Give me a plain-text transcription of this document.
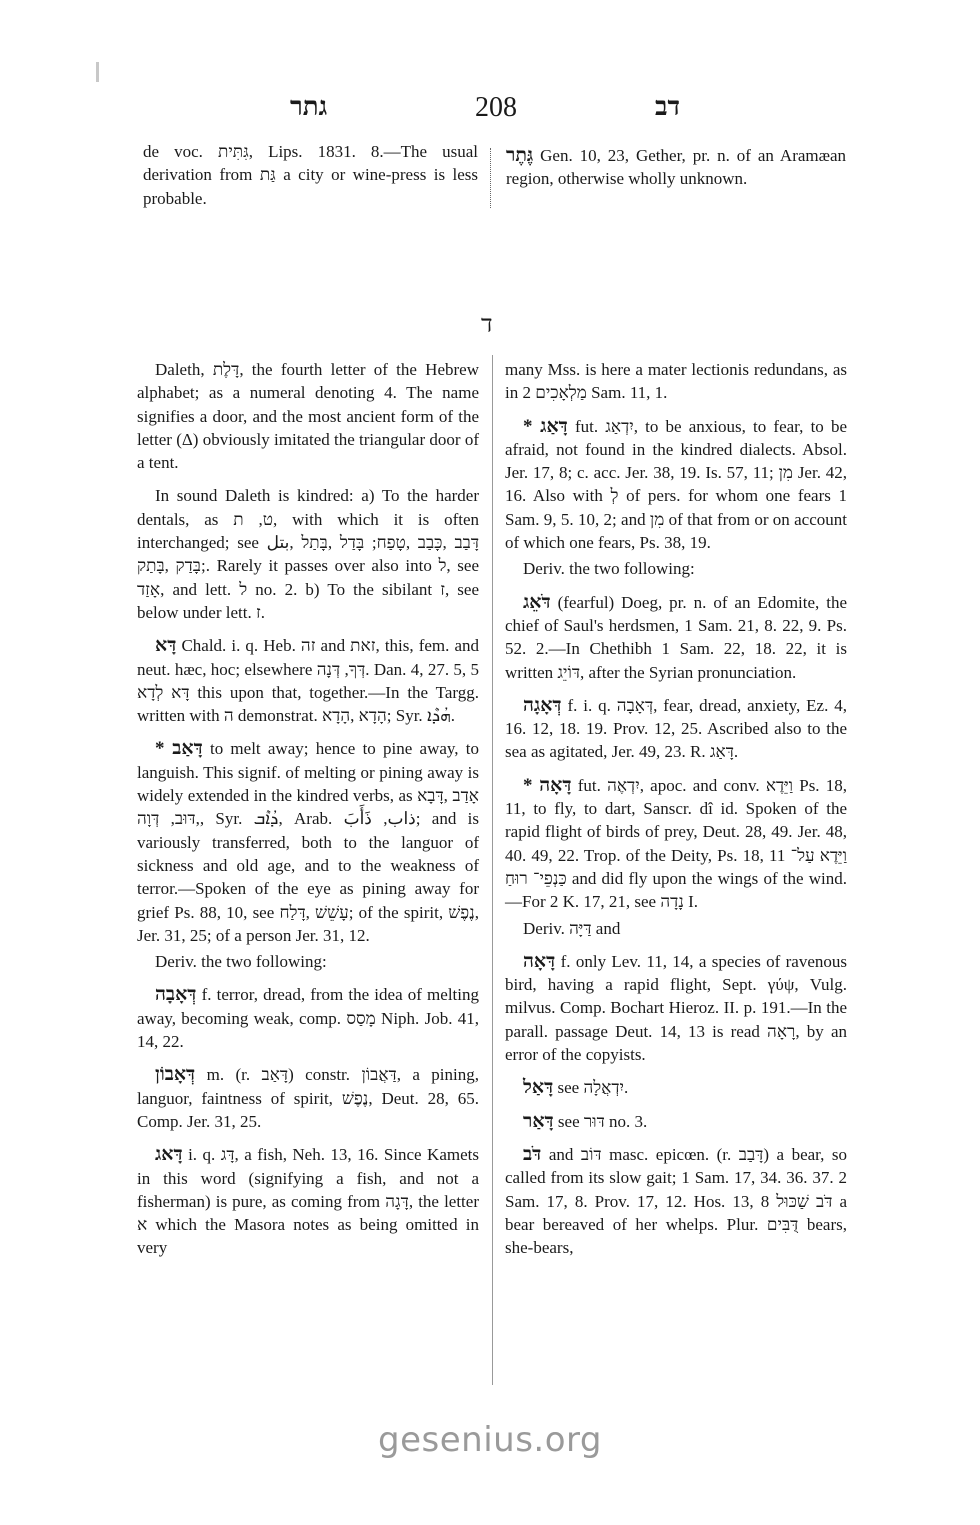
גתר	208	דב
de voc. גִּתִּית, Lips. 1831. 8.—The usual derivation from גַּת a city or wine-press is less probable.
גֶּתֶר Gen. 10, 23, Gether, pr. n. of an Aramæan region, otherwise wholly unknown.
ד

Daleth, דָּלֶת, the fourth letter of the Hebrew alphabet; as a numeral denoting 4. The name signifies a door, and the most ancient form of the letter (Δ) obviously imitated the triangular door of a tent.

In sound Daleth is kindred: a) To the harder dentals, as ט, ת, with which it is often interchanged; see דָּבַב ,כָּבַב ,טָפַח; בָּדַל ,בָּתַל ,بتل ;בָּדַק ,בָּתַק. Rarely it passes over also into ל, see אָזַד, and lett. ל no. 2. b) To the sibilant ז, see below under lett. ז.

דָּא Chald. i. q. Heb. זה and זאת, this, fem. and neut. hæc, hoc; elsewhere דְּךָ, דְּנָה. Dan. 4, 27. 5, 5 דָּא לְדָא this upon that, together.—In the Targg. written with ה demonstrat. הָדָא ,הָדָא; Syr. ܗܳܕܶܐ.

* דָּאַב to melt away; hence to pine away, to languish. This signif. of melting or pining away is widely extended in the kindred verbs, as אָדַב ,דָּבָא ,דּוּב, דְּוָה, Syr. ܕܳܐܶܒ, Arab. ذاب, ذَأَبَ; and is variously transferred, both to the languor of sickness and old age, and to the weakness of terror.—Spoken of the eye as pining away for grief Ps. 88, 10, see עָשֵׁשׁ ,דָּלַח; of the spirit, נֶפֶשׁ, Jer. 31, 25; of a person Jer. 31, 12.

Deriv. the two following:

דְּאָבָה f. terror, dread, from the idea of melting away, becoming weak, comp. מָסַס Niph. Job. 41, 14, 22.

דְּאָבוֹן m. (r. דָּאַב) constr. דַּאֲבוֹן, a pining, languor, faintness of spirit, נֶפֶשׁ, Deut. 28, 65. Comp. Jer. 31, 25.

דָּאג i. q. דָּג, a fish, Neh. 13, 16. Since Kamets in this word (signifying a fish, and not a fisherman) is pure, as coming from דָּגָה, the letter א which the Masora notes as being omitted in very

many Mss. is here a mater lectionis redundans, as in מַלְאָכִים 2 Sam. 11, 1.

* דָּאַג fut. יִדְאַג, to be anxious, to fear, to be afraid, not found in the kindred dialects. Absol. Jer. 17, 8; c. acc. Jer. 38, 19. Is. 57, 11; מִן Jer. 42, 16. Also with לְ of pers. for whom one fears 1 Sam. 9, 5. 10, 2; and מִן of that from or on account of which one fears, Ps. 38, 19.

Deriv. the two following:

דֹּאֵג (fearful) Doeg, pr. n. of an Edomite, the chief of Saul's herdsmen, 1 Sam. 21, 8. 22, 9. Ps. 52. 2.—In Chethibh 1 Sam. 22, 18. 22, it is written דּוֹיֵג, after the Syrian pronunciation.

דְּאָגָה f. i. q. דְּאָבָה, fear, dread, anxiety, Ez. 4, 16. 12, 18. 19. Prov. 12, 25. Ascribed also to the sea as agitated, Jer. 49, 23. R. דָּאַג.

* דָּאָה fut. יִדְאֶה, apoc. and conv. וַיֵּדֶא Ps. 18, 11, to fly, to dart, Sanscr. dî id. Spoken of the rapid flight of birds of prey, Deut. 28, 49. Jer. 48, 40. 49, 22. Trop. of the Deity, Ps. 18, 11 וַיֵּדֶא עַל־ כַּנְפֵי־ רוּחַ and did fly upon the wings of the wind.—For 2 K. 17, 21, see נָדָה I.

Deriv. דַּיָּה and

דָּאָה f. only Lev. 11, 14, a species of ravenous bird, having a rapid flight, Sept. γύψ, Vulg. milvus. Comp. Bochart Hieroz. II. p. 191.—In the parall. passage Deut. 14, 13 is read רָאָה, by an error of the copyists.

דָּאַל see יִדְאֲלָה.

דָּאַר see דּוּר no. 3.

דֹּב and דּוֹב masc. epicœn. (r. דָּבַב) a bear, so called from its slow gait; 1 Sam. 17, 34. 36. 37. 2 Sam. 17, 8. Prov. 17, 12. Hos. 13, 8 דֹּב שַׁכּוּל a bear bereaved of her whelps. Plur. דֻּבִּים bears, she-bears,

gesenius.org
